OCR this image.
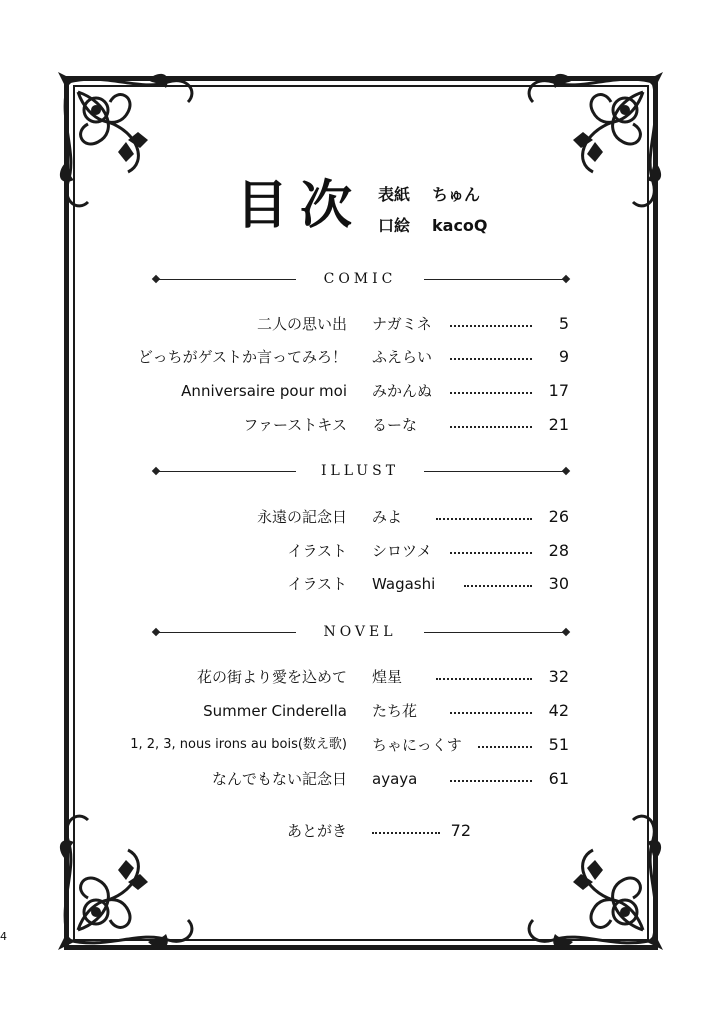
目次 表紙 ちゅん
口絵 kacoQ
COMIC
二人の思い出 ナガミネ	5
どっちがゲストか言ってみろ！ ふえらい	9
Anniversaire pour moi みかんぬ	17
ファーストキス るーな	21
ILLUST
永遠の記念日 みよ	26
イラスト シロツメ	28
イラスト Wagashi	30
NOVEL
花の街より愛を込めて 煌星	32
Summer Cinderella たち花	42
1, 2, 3, nous irons au bois(数え歌) ちゃにっくす	51
なんでもない記念日 ayaya	61
あとがき	72
4
